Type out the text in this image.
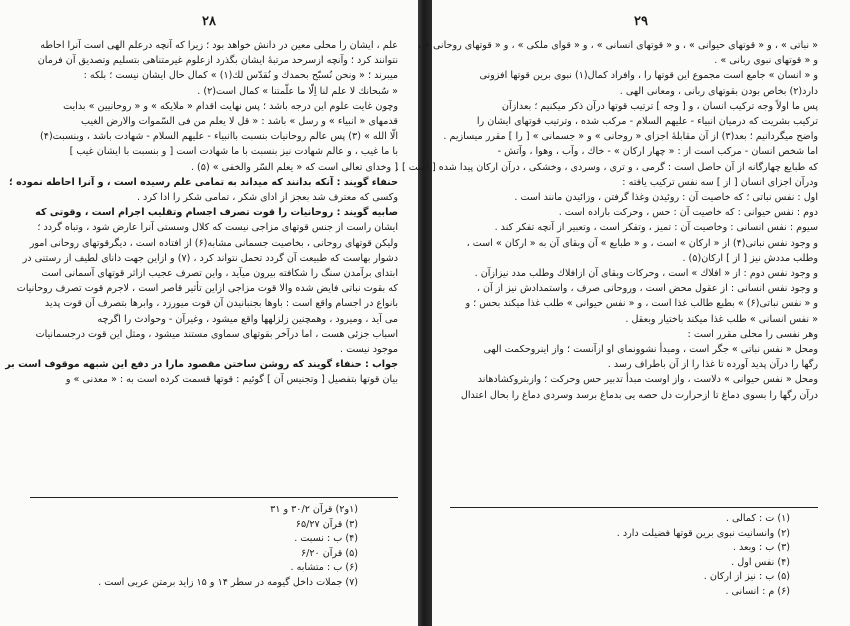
۲۸
علم ، ایشان را محلی معین در دانش خواهد بود ؛ زیرا که آنچه درعلم الهی است آنرا احاطه
نتوانند کرد ؛ وآنچه ازسرحد مرتبهٔ ایشان بگذرد ازعلوم غیرمتناهی بتسلیم وتصدیق آن فرمان
میبرند ؛ « ونحن نُسبّح بحمدك و نُقدّس لك(۱) » کمال حال ایشان نیست ؛ بلکه :
« سُبحانك لا علم لنا اِلّا ما علّمتنا » کمال است(۲) .
وچون غایت علوم این درجه باشد ؛ پس نهایت اقدام « ملایکه » و « روحانیین » بدایت
قدمهای « انبیاء » و رسل » باشد : « قل لا یعلم من فی السّموات والارض الغیب
الّا الله » (۳) پس عالم روحانیات بنسبت باانبیاء - علیهم السلام - شهادت باشد ، وبنسبت(۴)
با ما غیب ، و عالم شهادت نیز بنسبت با ما شهادت است [ و بنسبت با ایشان غیب ]
[ وخدای تعالی است که « یعلم السّر والخفی » (۵) .
حنفاء گویند : آنکه بدانند که میداند به تمامی علم رسیده است ، و آنرا احاطه نموده ؛
وکسی که معترف شد بعجز از ادای شکر ، تمامی شکر را ادا کرد .
صابیه گویند : روحانیات را قوت تصرف اجسام وتقلیب اجرام است ، وقوتی که
ایشان راست از جنس قوتهای مزاجی نیست که کلال وسستی آنرا عارض شود ، وتباه گردد ؛
ولیکن قوتهای روحانی ، بخاصیت جسمانی مشابه(۶) از افتاده است ، دیگرقوتهای روحانی امور
دشوار بهاست که طبیعت آن گردد تحمل نتواند کرد ، (۷) و ازاین جهت دانای لطیف از رستنی در
ابتدای برآمدن سنگ را شکافته بیرون میآید ، واین تصرف عجیب ازاثر قوتهای آسمانی است
که بقوت نباتی فایض شده والا قوت مزاجی ازاین تأثیر قاصر است ، لاجرم قوت تصرف روحانیات
بانواع در اجسام واقع است : باوها بجنبانیدن آن قوت میورزد ، وابرها بتصرف آن قوت پدید
می آید ، ومیرود ، وهمچنین زلزلهها واقع میشود ، وغیرآن - وحوادث را اگرچه
اسباب جزئی هست ، اما درآخر بقوتهای سماوی مستند میشود ، ومثل این قوت درجسمانیات
موجود نیست .
جواب : حنفاء گویند که روشن ساختن مقصود مارا در دفع این شبهه موقوف است بر
بیان قوتها بتفصیل [ وتجنیس آن ] گوئیم : قوتها قسمت کرده است به : « معدنی » و
(۱و۲) قرآن ۳۰/۲ و ۳۱
(۳) قرآن ۶۵/۲۷
(۴) ب : نسبت .
(۵) قرآن ۶/۲۰
(۶) ب : متشابه .
(۷) جملات داخل گیومه در سطر ۱۴ و ۱۵ زاید برمتن عربی است .
۲۹
« نباتی » ، و « قوتهای حیوانی » ، و « قوتهای انسانی » ، و « قوای ملکی » ، و « قوتهای روحانی » ،
و « قوتهای نبوی ربانی » .
و « انسان » جامع است مجموع این قوتها را ، وافراد کمال(۱) نبوی برین قوتها افزونی
دارد(۲) بخاص بودن بقوتهای ربانی ، ومعانی الهی .
پس ما اولاً وجه ترکیب انسان ، و [ وجه ] ترتیب قوتها درآن ذکر میکنیم ؛ بعدازآن
ترکیب بشریت که درمیان انبیاء - علیهم السلام - مرکب شده ، وترتیب قوتهای ایشان را
واضح میگردانیم ؛ بعد(۳) از آن مقابلهٔ اجزای « روحانی » و « جسمانی » [ را ] مقرر میسازیم .
اما شخص انسان - مرکب است از : « چهار ارکان » - خاك ، وآب ، وهوا ، وآتش -
که طبایع چهارگانه از آن حاصل است : گرمی ، و تری ، وسردی ، وخشکی ، درآن ارکان پیدا شده [ است ] .
ودرآن اجزای انسان [ از ] سه نفس ترکیب یافته :
اول : نفس نباتی ؛ که خاصیت آن : روئیدن وغذا گرفتن ، وزائیدن مانند است .
دوم : نفس حیوانی : که خاصیت آن : حس ، وحرکت باراده است .
سیوم : نفس انسانی : وخاصیت آن : تمیز ، وتفکر است ، وتعبیر از آنچه تفکر کند .
و وجود نفس نباتی(۴) از « ارکان » است ، و « طبایع » آن وبقای آن به « ارکان » است ،
وطلب مددش نیز [ از ] ارکان(۵) .
و وجود نفس دوم : از « افلاك » است ، وحرکات وبقای آن ازافلاك وطلب مدد نیزازآن .
و وجود نفس انسانی : از عقول محض است ، وروحانی صرف ، واستمدادش نیز از آن ،
و « نفس نباتی(۶) » بطبع طالب غذا است ، و « نفس حیوانی » طلب غذا میکند بحس ؛ و
« نفس انسانی » طلب غذا میکند باختیار وبعقل .
وهر نفسی را محلی مقرر است :
ومحل « نفس نباتی » جگر است ، ومبدأ نشوونمای او ازآنست ؛ واز اینروحکمت الهی
رگها را درآن پدید آورده تا غذا را از آن باطراف رسد .
ومحل « نفس حیوانی » دلاست ، واز اوست مبدأ تدبیر حس وحرکت ؛ وازبثروکشادهاند
درآن رگها را بسوی دماغ تا ازحرارت دل حصه یی بدماغ برسد وسردی دماغ را بحال اعتدال
(۱) ت : کمالی .
(۲) وانسانیت نبوی برین قوتها فضیلت دارد .
(۳) ب : وبعد .
(۴) نفس اول .
(۵) ب : نیز از ارکان .
(۶) م : انسانی .
